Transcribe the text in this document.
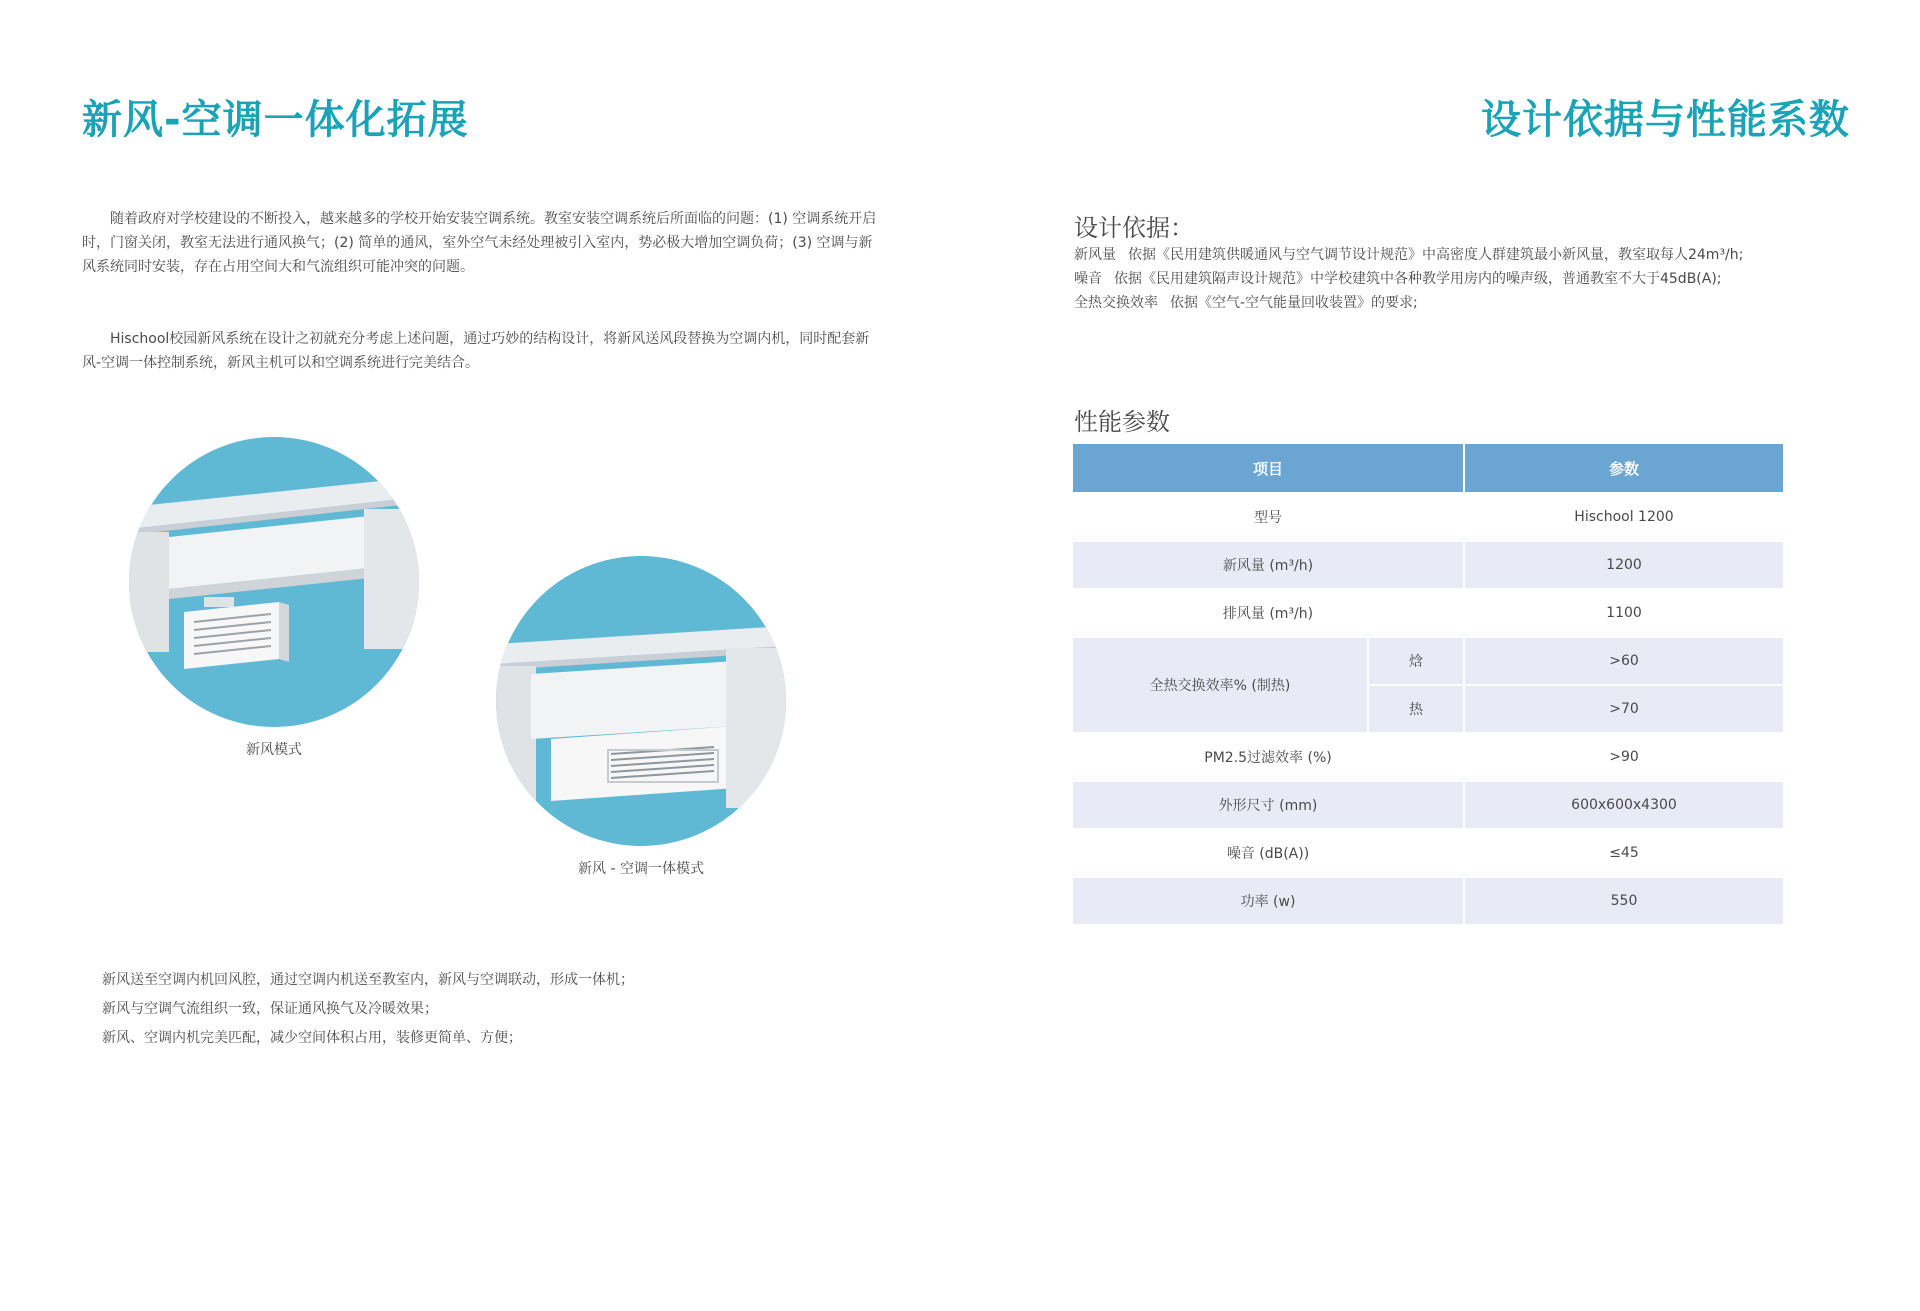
新风-空调一体化拓展
随着政府对学校建设的不断投入，越来越多的学校开始安装空调系统。教室安装空调系统后所面临的问题：(1) 空调系统开启时，门窗关闭，教室无法进行通风换气；(2) 简单的通风，室外空气未经处理被引入室内，势必极大增加空调负荷；(3) 空调与新风系统同时安装，存在占用空间大和气流组织可能冲突的问题。
Hischool校园新风系统在设计之初就充分考虑上述问题，通过巧妙的结构设计，将新风送风段替换为空调内机，同时配套新风-空调一体控制系统，新风主机可以和空调系统进行完美结合。
新风模式
新风 - 空调一体模式
新风送至空调内机回风腔，通过空调内机送至教室内，新风与空调联动，形成一体机；
新风与空调气流组织一致，保证通风换气及冷暖效果；
新风、空调内机完美匹配，减少空间体积占用，装修更简单、方便；
设计依据与性能系数
设计依据：
新风量 依据《民用建筑供暖通风与空气调节设计规范》中高密度人群建筑最小新风量，教室取每人24m³/h;
噪音 依据《民用建筑隔声设计规范》中学校建筑中各种教学用房内的噪声级，普通教室不大于45dB(A);
全热交换效率 依据《空气-空气能量回收装置》的要求;
性能参数
项目		参数
型号		Hischool 1200
新风量 (m³/h)		1200
排风量 (m³/h)		1100
全热交换效率% (制热)	焓	>60
	热	>70
PM2.5过滤效率 (%)		>90
外形尺寸 (mm)		600x600x4300
噪音 (dB(A))		≤45
功率 (w)		550
